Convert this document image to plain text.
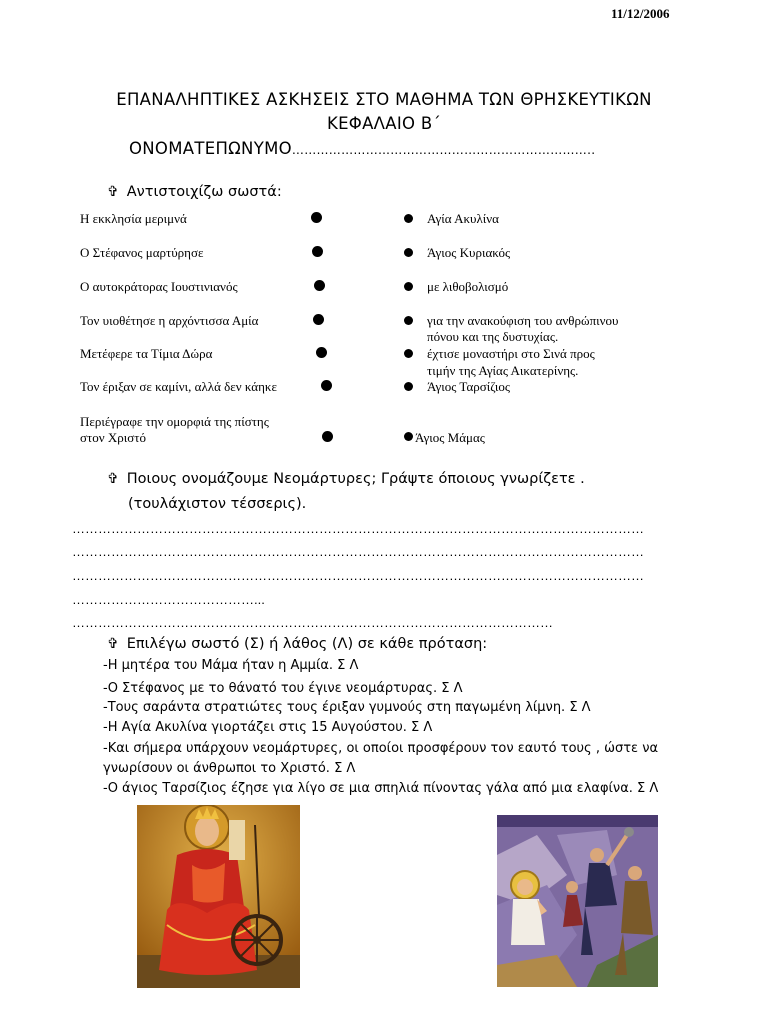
11/12/2006
ΕΠΑΝΑΛΗΠΤΙΚΕΣ ΑΣΚΗΣΕΙΣ ΣΤΟ ΜΑΘΗΜΑ ΤΩΝ ΘΡΗΣΚΕΥΤΙΚΩΝ
ΚΕΦΑΛΑΙΟ Β΄
ΟΝΟΜΑΤΕΠΩΝΥΜΟ………………………………………………………………..
✞ Αντιστοιχίζω σωστά:
Η εκκλησία μεριμνά
Ο Στέφανος μαρτύρησε
Ο αυτοκράτορας Ιουστινιανός
Τον υιοθέτησε η αρχόντισσα Αμία
Μετέφερε τα Τίμια Δώρα
Τον έριξαν σε καμίνι, αλλά δεν κάηκε
Περιέγραφε την ομορφιά της πίστης
στον Χριστό
Αγία Ακυλίνα
Άγιος Κυριακός
με λιθοβολισμό
για την ανακούφιση του ανθρώπινου
πόνου και της δυστυχίας.
έχτισε μοναστήρι στο Σινά προς
τιμήν της Αγίας Αικατερίνης.
Άγιος Ταρσίζιος
Άγιος Μάμας
✞ Ποιους ονομάζουμε Νεομάρτυρες; Γράψτε όποιους γνωρίζετε .
(τουλάχιστον τέσσερις).
……………………………………………………………………………………………………………………
……………………………………………………………………………………………………………………
……………………………………………………………………………………………………………………
……………………………………...
…………………………………………………………………………………………………
✞ Επιλέγω σωστό (Σ) ή λάθος (Λ) σε κάθε πρόταση:
-Η μητέρα του Μάμα ήταν η Αμμία. Σ Λ
-Ο Στέφανος με το θάνατό του έγινε νεομάρτυρας. Σ Λ
-Τους σαράντα στρατιώτες τους έριξαν γυμνούς στη παγωμένη λίμνη. Σ Λ
-Η Αγία Ακυλίνα γιορτάζει στις 15 Αυγούστου. Σ Λ
-Και σήμερα υπάρχουν νεομάρτυρες, οι οποίοι προσφέρουν τον εαυτό τους , ώστε να
γνωρίσουν οι άνθρωποι το Χριστό. Σ Λ
-Ο άγιος Ταρσίζιος έζησε για λίγο σε μια σπηλιά πίνοντας γάλα από μια ελαφίνα. Σ Λ
